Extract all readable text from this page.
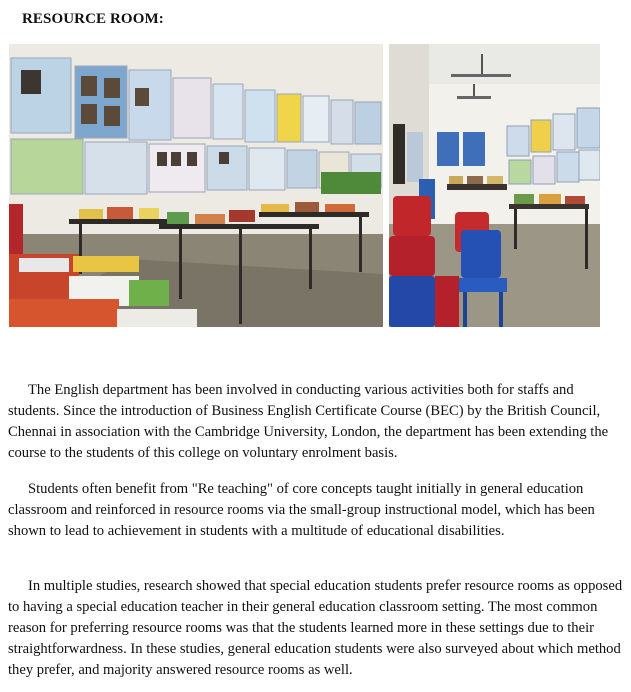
RESOURCE ROOM:

The English department has been involved in conducting various activities both for staffs and students. Since the introduction of Business English Certificate Course (BEC) by the British Council, Chennai in association with the Cambridge University, London, the department has been extending the course to the students of this college on voluntary enrolment basis.

Students often benefit from "Re teaching" of core concepts taught initially in general education classroom and reinforced in resource rooms via the small-group instructional model, which has been shown to lead to achievement in students with a multitude of educational disabilities.

In multiple studies, research showed that special education students prefer resource rooms as opposed to having a special education teacher in their general education classroom setting. The most common reason for preferring resource rooms was that the students learned more in these settings due to their straightforwardness. In these studies, general education students were also surveyed about which method they prefer, and majority answered resource rooms as well.
